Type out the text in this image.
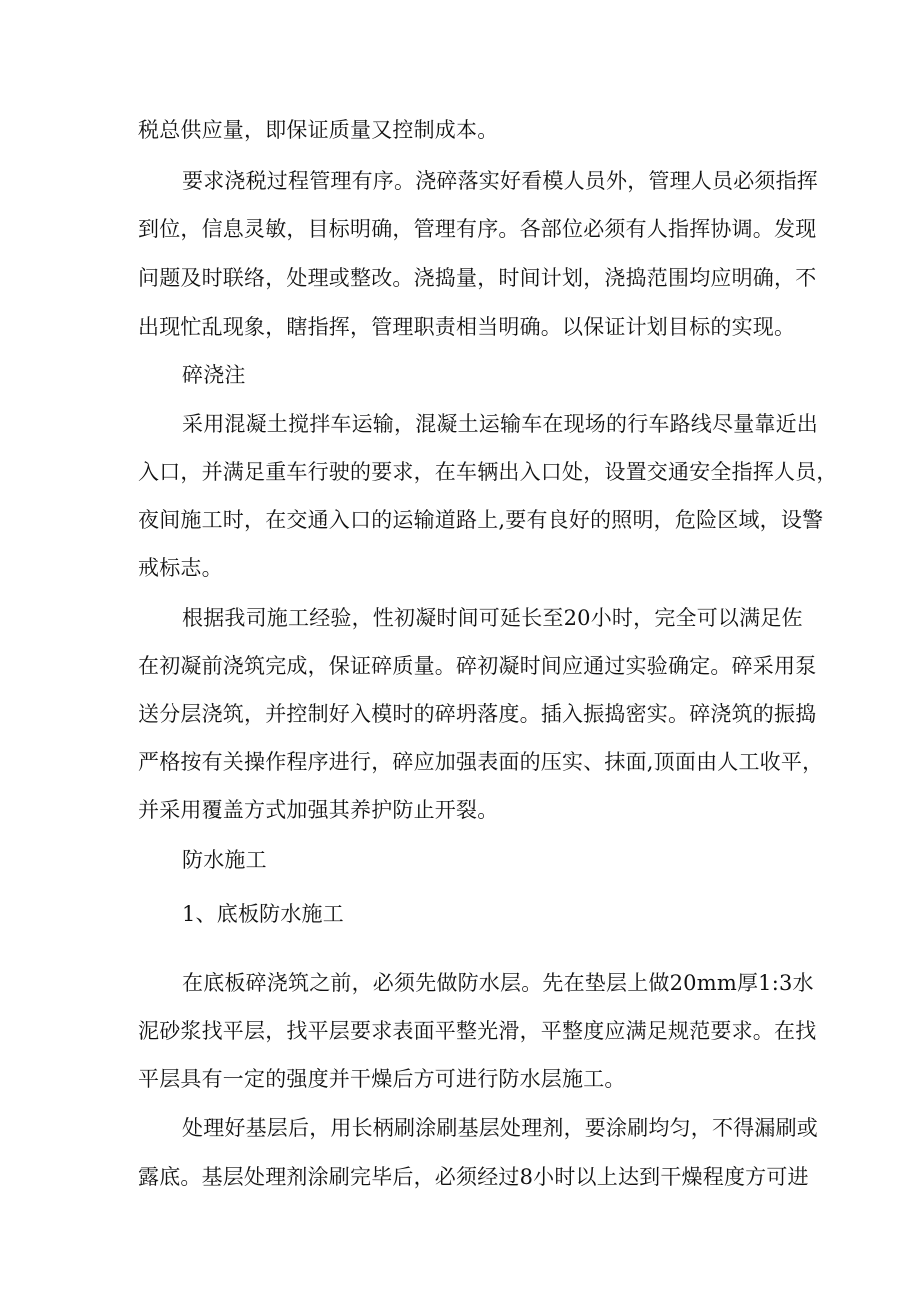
税总供应量，即保证质量又控制成本。
要求浇税过程管理有序。浇碎落实好看模人员外，管理人员必须指挥
到位，信息灵敏，目标明确，管理有序。各部位必须有人指挥协调。发现
问题及时联络，处理或整改。浇捣量，时间计划，浇捣范围均应明确，不
出现忙乱现象，瞎指挥，管理职责相当明确。以保证计划目标的实现。
碎浇注
采用混凝土搅拌车运输，混凝土运输车在现场的行车路线尽量靠近出
入口，并满足重车行驶的要求，在车辆出入口处，设置交通安全指挥人员，
夜间施工时，在交通入口的运输道路上,要有良好的照明，危险区域，设警
戒标志。
根据我司施工经验，性初凝时间可延长至20小时，完全可以满足佐
在初凝前浇筑完成，保证碎质量。碎初凝时间应通过实验确定。碎采用泵
送分层浇筑，并控制好入模时的碎坍落度。插入振捣密实。碎浇筑的振捣
严格按有关操作程序进行，碎应加强表面的压实、抹面,顶面由人工收平，
并采用覆盖方式加强其养护防止开裂。
防水施工
1、底板防水施工
在底板碎浇筑之前，必须先做防水层。先在垫层上做20mm厚1:3水
泥砂浆找平层，找平层要求表面平整光滑，平整度应满足规范要求。在找
平层具有一定的强度并干燥后方可进行防水层施工。
处理好基层后，用长柄刷涂刷基层处理剂，要涂刷均匀，不得漏刷或
露底。基层处理剂涂刷完毕后，必须经过8小时以上达到干燥程度方可进
